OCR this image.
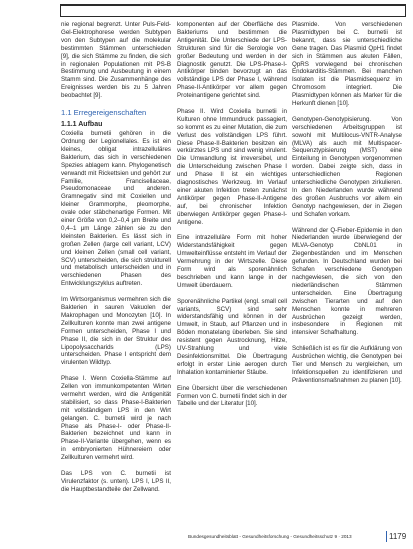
nie regional begrenzt. Unter Puls-Feld-Gel-Elektrophorese werden Subtypen von den Subtypen auf die molekular bestimmten Stämmen unterschieden [9], die sich Stämme zu finden, die sich in regionalen Populationen mit PS-B Bestimmung und Ausbeutung in einem Stamm sind. Die Zusammenhänge des Ereignisses werden bis zu 5 Jahren beobachtet [9].

1.1 Erregereigenschaften
1.1.1 Aufbau

Coxiella burnetii gehören in die Ordnung der Legionellales. Es ist ein kleines, obligat intrazelluläres Bakterium, das sich in verschiedenen Spezies ablagern kann. Phylogenetisch verwandt mit Rickettsien und gehört zur Familie, Francisellaceae, Pseudomonaceae und anderen. Gramnegativ sind mit Coxiellen und kleiner Grammorphe, pleomorphe, ovale oder stäbchenartige Formen. Mit einer Größe von 0,2–0,4 μm Breite und 0,4–1 μm Länge zählen sie zu den kleinsten Bakterien. Es lässt sich in großen Zellen (large cell variant, LCV) und kleinen Zellen (small cell variant, SCV) unterscheiden, die sich strukturell und metabolisch unterscheiden und in verschiedenen Phasen des Entwicklungszyklus auftreten.

Im Wirtsorganismus vermehren sich die Bakterien in sauren Vakuolen der Makrophagen und Monozyten [10]. In Zellkulturen konnte man zwei antigene Formen unterscheiden, Phase I und Phase II, die sich in der Struktur des Lipopolysaccharids (LPS) unterscheiden. Phase I entspricht dem virulenten Wildtyp.

Phase I. Wenn Coxiella-Stämme auf Zellen von immunkompetenten Wirten vermehrt werden, wird die Antigenität stabilisiert, so dass Phase-I-Bakterien mit vollständigem LPS in den Wirt gelangen. C. burnetii wird je nach Phase als Phase-I- oder Phase-II-Bakterien bezeichnet und kann in Phase-II-Variante übergehen, wenn es in embryonierten Hühnereiern oder Zellkulturen vermehrt wird.

Das LPS von C. burnetii ist Virulenzfaktor (s. unten). LPS I, LPS II, die Hauptbestandteile der Zellwand.

komponenten auf der Oberfläche des Bakteriums und bestimmen die Antigenität. Die Unterschiede der LPS-Strukturen sind für die Serologie von großer Bedeutung und werden in der Diagnostik genutzt. Die LPS-Phase-I-Antikörper binden bevorzugt an das vollständige LPS der Phase I, während Phase-II-Antikörper vor allem gegen Proteinantigene gerichtet sind.

Phase II. Wird Coxiella burnetii in Kulturen ohne Immundruck passagiert, so kommt es zu einer Mutation, die zum Verlust des vollständigen LPS führt. Diese Phase-II-Bakterien besitzen ein verkürztes LPS und sind wenig virulent. Die Umwandlung ist irreversibel, und die Unterscheidung zwischen Phase I und Phase II ist ein wichtiges diagnostisches Werkzeug. Im Verlauf einer akuten Infektion treten zunächst Antikörper gegen Phase-II-Antigene auf, bei chronischer Infektion überwiegen Antikörper gegen Phase-I-Antigene.

Eine intrazelluläre Form mit hoher Widerstandsfähigkeit gegen Umwelteinflüsse entsteht im Verlauf der Vermehrung in der Wirtszelle. Diese Form wird als sporenähnlich beschrieben und kann lange in der Umwelt überdauern.

Sporenähnliche Partikel (engl. small cell variants, SCV) sind sehr widerstandsfähig und können in der Umwelt, in Staub, auf Pflanzen und in Böden monatelang überleben. Sie sind resistent gegen Austrocknung, Hitze, UV-Strahlung und viele Desinfektionsmittel. Die Übertragung erfolgt in erster Linie aerogen durch Inhalation kontaminierter Stäube.

Eine Übersicht über die verschiedenen Formen von C. burnetii findet sich in der Tabelle und der Literatur [10].

Plasmide. Von verschiedenen Plasmidtypen bei C. burnetii ist bekannt, dass sie unterschiedliche Gene tragen. Das Plasmid QpH1 findet sich in Stämmen aus akuten Fällen, QpRS vorwiegend bei chronischen Endokarditis-Stämmen. Bei manchen Isolaten ist die Plasmidsequenz im Chromosom integriert. Die Plasmidtypen können als Marker für die Herkunft dienen [10].

Genotypen-Genotypisierung. Von verschiedenen Arbeitsgruppen ist sowohl mit Multilocus-VNTR-Analyse (MLVA) als auch mit Multispacer-Sequenztypisierung (MST) eine Einteilung in Genotypen vorgenommen worden. Dabei zeigte sich, dass in unterschiedlichen Regionen unterschiedliche Genotypen zirkulieren. In den Niederlanden wurde während des großen Ausbruchs vor allem ein Genotyp nachgewiesen, der in Ziegen und Schafen vorkam.

Während der Q-Fieber-Epidemie in den Niederlanden wurde überwiegend der MLVA-Genotyp CbNL01 in Ziegenbeständen und im Menschen gefunden. In Deutschland wurden bei Schafen verschiedene Genotypen nachgewiesen, die sich von den niederländischen Stämmen unterscheiden. Eine Übertragung zwischen Tierarten und auf den Menschen konnte in mehreren Ausbrüchen gezeigt werden, insbesondere in Regionen mit intensiver Schafhaltung.

Schließlich ist es für die Aufklärung von Ausbrüchen wichtig, die Genotypen bei Tier und Mensch zu vergleichen, um Infektionsquellen zu identifizieren und Präventionsmaßnahmen zu planen [10].

Bundesgesundheitsblatt - Gesundheitsforschung - Gesundheitsschutz 9 · 2013	1179
